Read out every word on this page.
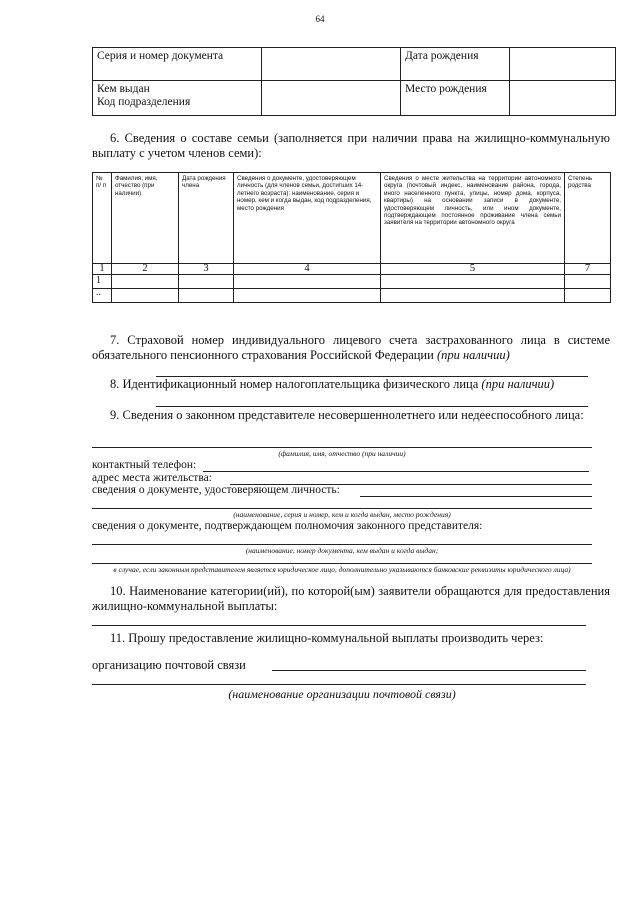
64
Серия и номер документа		Дата рождения	

Кем выдан
Код подразделения		Место рождения	
6. Сведения о составе семьи (заполняется при наличии права на жилищно-коммунальную выплату с учетом членов семи):
№ п/ п	Фамилия, имя, отчество (при наличии)	Дата рождения члена	Сведения о документе, удостоверяющем личность (для членов семьи, достигших 14-летнего возраста): наименование, серия и номер, кем и когда выдан, код подразделения, место рождения	Сведения о месте жительства на территории автономного округа (почтовый индекс, наименование района, города, иного населенного пункта, улицы, номер дома, корпуса, квартиры) на основании записи в документе, удостоверяющем личность, или ином документе, подтверждающем постоянное проживание члена семьи заявителя на территории автономного округа	Степень родства
1	2	3	4	5	7
1					
..					
7. Страховой номер индивидуального лицевого счета застрахованного лица в системе обязательного пенсионного страхования Российской Федерации (при наличии)
8. Идентификационный номер налогоплательщика физического лица (при наличии)
9. Сведения о законном представителе несовершеннолетнего или недееспособного лица:
(фамилия, имя, отчество (при наличии)
контактный телефон:
адрес места жительства:
сведения о документе, удостоверяющем личность:
(наименование, серия и номер, кем и когда выдан, место рождения)
сведения о документе, подтверждающем полномочия законного представителя:
(наименование, номер документа, кем выдан и когда выдан;
в случае, если законным представителем является юридическое лицо, дополнительно указываются банковские реквизиты юридического лица)
10. Наименование категории(ий), по которой(ым) заявители обращаются для предоставления жилищно-коммунальной выплаты:
11. Прошу предоставление жилищно-коммунальной выплаты производить через:
организацию почтовой связи
(наименование организации почтовой связи)
